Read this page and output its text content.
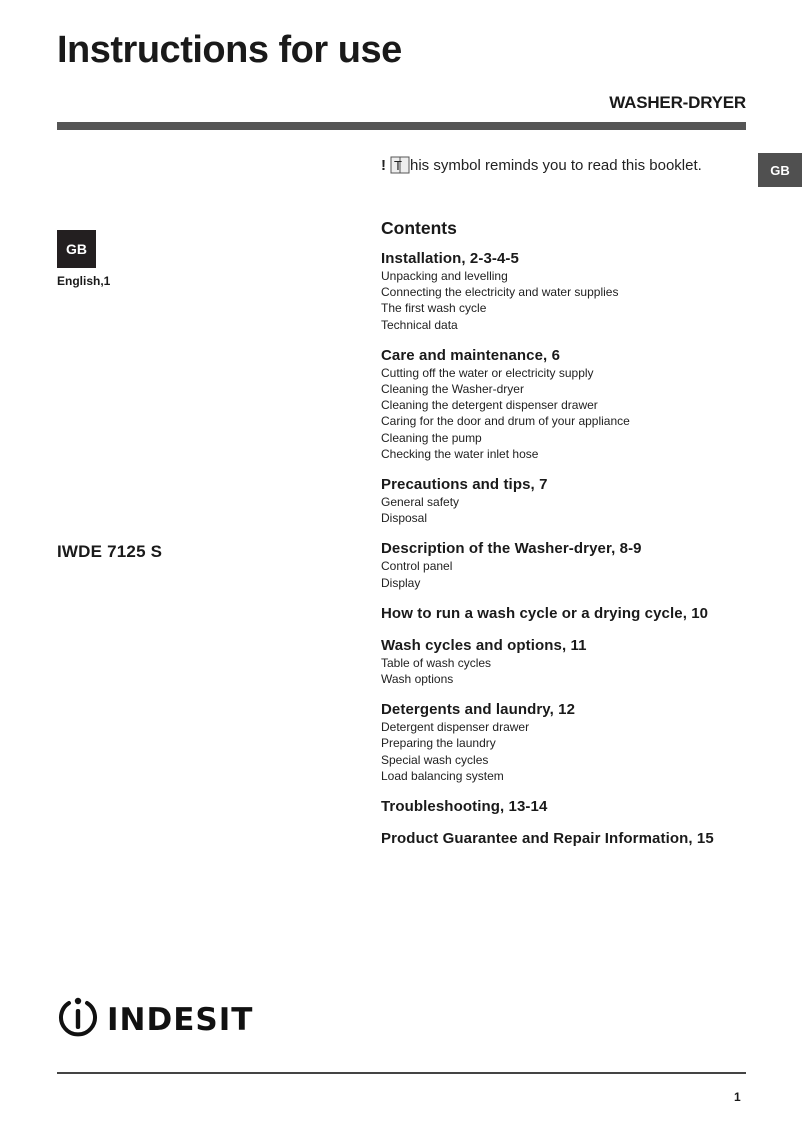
Instructions for use
WASHER-DRYER
GB
GB
English,1
IWDE 7125 S
! T his symbol reminds you to read this booklet.
Contents
Installation, 2-3-4-5
Unpacking and levelling
Connecting the electricity and water supplies
The first wash cycle
Technical data
Care and maintenance, 6
Cutting off the water or electricity supply
Cleaning the Washer-dryer
Cleaning the detergent dispenser drawer
Caring for the door and drum of your appliance
Cleaning the pump
Checking the water inlet hose
Precautions and tips, 7
General safety
Disposal
Description of the Washer-dryer, 8-9
Control panel
Display
How to run a wash cycle or a drying cycle, 10
Wash cycles and options, 11
Table of wash cycles
Wash options
Detergents and laundry, 12
Detergent dispenser drawer
Preparing the laundry
Special wash cycles
Load balancing system
Troubleshooting, 13-14
Product Guarantee and Repair Information, 15
INDESIT
1
